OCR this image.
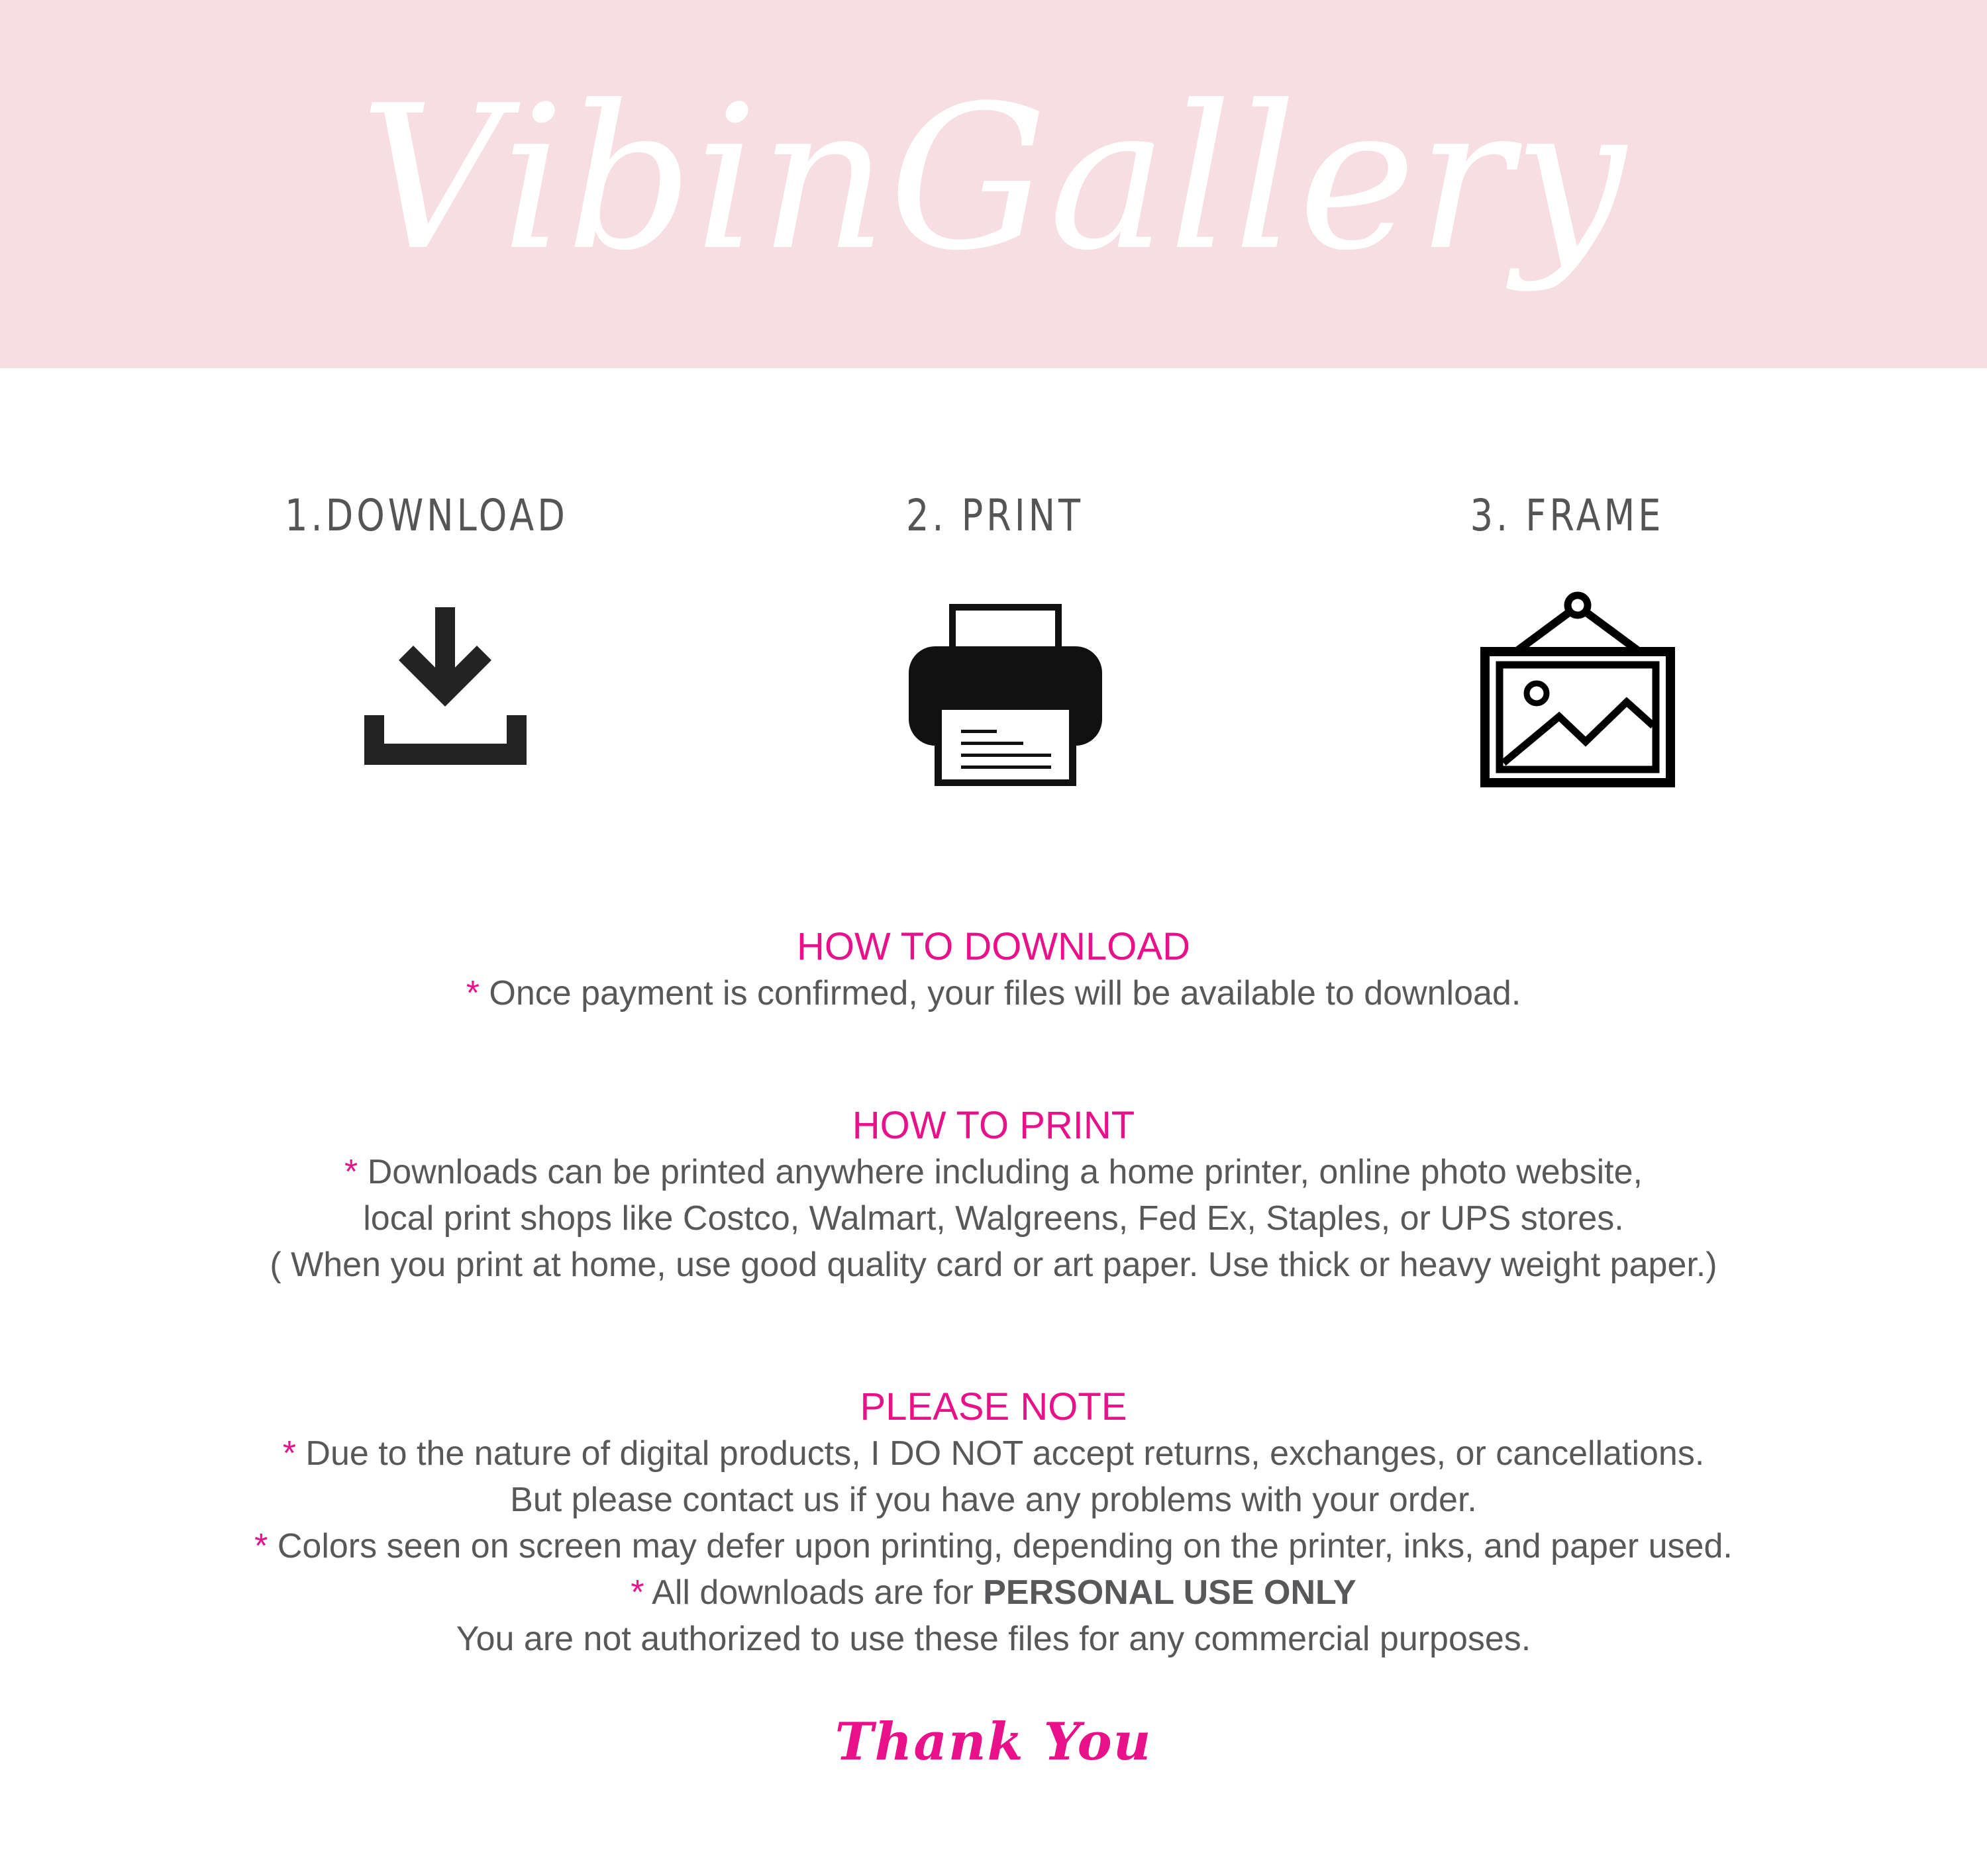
VibinGallery
1.DOWNLOAD	2. PRINT	3. FRAME
HOW TO DOWNLOAD
* Once payment is confirmed, your files will be available to download.
HOW TO PRINT
* Downloads can be printed anywhere including a home printer, online photo website,
local print shops like Costco, Walmart, Walgreens, Fed Ex, Staples, or UPS stores.
( When you print at home, use good quality card or art paper. Use thick or heavy weight paper.)
PLEASE NOTE
* Due to the nature of digital products, I DO NOT accept returns, exchanges, or cancellations.
But please contact us if you have any problems with your order.
* Colors seen on screen may defer upon printing, depending on the printer, inks, and paper used.
* All downloads are for PERSONAL USE ONLY
You are not authorized to use these files for any commercial purposes.
Thank You
